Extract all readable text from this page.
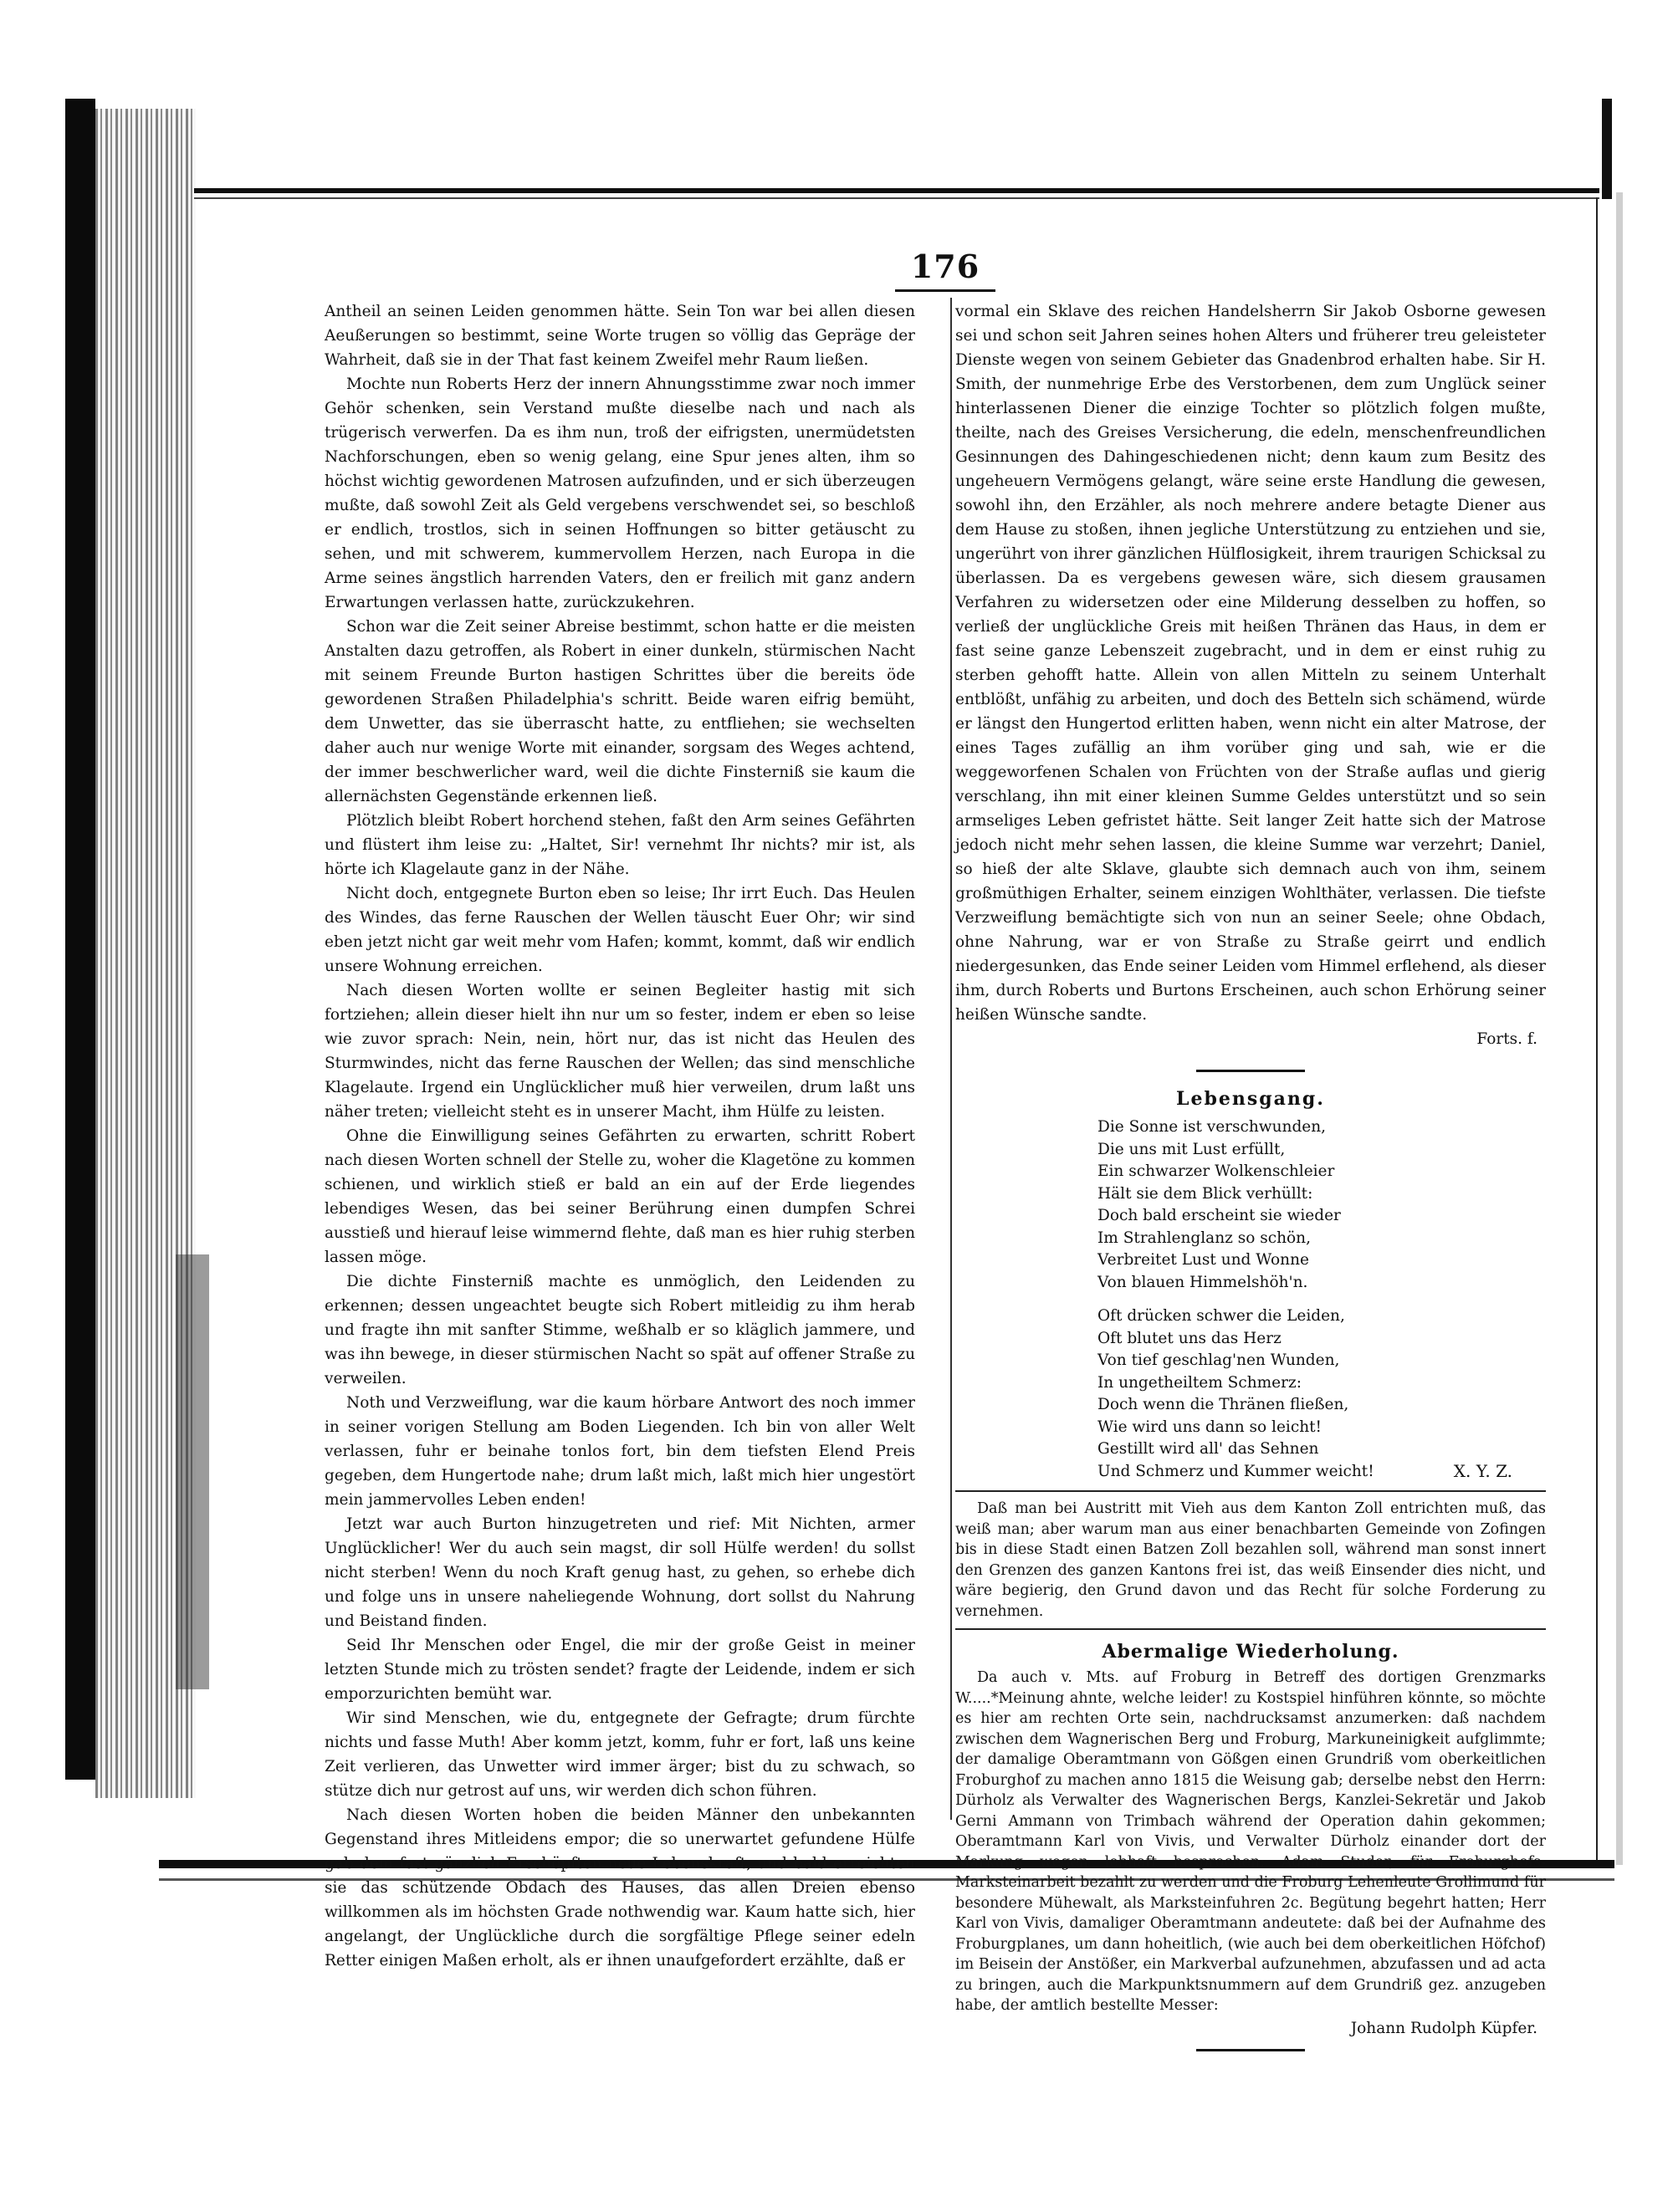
176

Antheil an seinen Leiden genommen hätte. Sein Ton war bei allen diesen Aeußerungen so bestimmt, seine Worte trugen so völlig das Gepräge der Wahrheit, daß sie in der That fast keinem Zweifel mehr Raum ließen.

Mochte nun Roberts Herz der innern Ahnungsstimme zwar noch immer Gehör schenken, sein Verstand mußte dieselbe nach und nach als trügerisch verwerfen. Da es ihm nun, troß der eifrigsten, unermüdetsten Nachforschungen, eben so wenig gelang, eine Spur jenes alten, ihm so höchst wichtig gewordenen Matrosen aufzufinden, und er sich überzeugen mußte, daß sowohl Zeit als Geld vergebens verschwendet sei, so beschloß er endlich, trostlos, sich in seinen Hoffnungen so bitter getäuscht zu sehen, und mit schwerem, kummervollem Herzen, nach Europa in die Arme seines ängstlich harrenden Vaters, den er freilich mit ganz andern Erwartungen verlassen hatte, zurückzukehren.

Schon war die Zeit seiner Abreise bestimmt, schon hatte er die meisten Anstalten dazu getroffen, als Robert in einer dunkeln, stürmischen Nacht mit seinem Freunde Burton hastigen Schrittes über die bereits öde gewordenen Straßen Philadelphia's schritt. Beide waren eifrig bemüht, dem Unwetter, das sie überrascht hatte, zu entfliehen; sie wechselten daher auch nur wenige Worte mit einander, sorgsam des Weges achtend, der immer beschwerlicher ward, weil die dichte Finsterniß sie kaum die allernächsten Gegenstände erkennen ließ.

Plötzlich bleibt Robert horchend stehen, faßt den Arm seines Gefährten und flüstert ihm leise zu: „Haltet, Sir! vernehmt Ihr nichts? mir ist, als hörte ich Klagelaute ganz in der Nähe.

Nicht doch, entgegnete Burton eben so leise; Ihr irrt Euch. Das Heulen des Windes, das ferne Rauschen der Wellen täuscht Euer Ohr; wir sind eben jetzt nicht gar weit mehr vom Hafen; kommt, kommt, daß wir endlich unsere Wohnung erreichen.

Nach diesen Worten wollte er seinen Begleiter hastig mit sich fortziehen; allein dieser hielt ihn nur um so fester, indem er eben so leise wie zuvor sprach: Nein, nein, hört nur, das ist nicht das Heulen des Sturmwindes, nicht das ferne Rauschen der Wellen; das sind menschliche Klagelaute. Irgend ein Unglücklicher muß hier verweilen, drum laßt uns näher treten; vielleicht steht es in unserer Macht, ihm Hülfe zu leisten.

Ohne die Einwilligung seines Gefährten zu erwarten, schritt Robert nach diesen Worten schnell der Stelle zu, woher die Klagetöne zu kommen schienen, und wirklich stieß er bald an ein auf der Erde liegendes lebendiges Wesen, das bei seiner Berührung einen dumpfen Schrei ausstieß und hierauf leise wimmernd flehte, daß man es hier ruhig sterben lassen möge.

Die dichte Finsterniß machte es unmöglich, den Leidenden zu erkennen; dessen ungeachtet beugte sich Robert mitleidig zu ihm herab und fragte ihn mit sanfter Stimme, weßhalb er so kläglich jammere, und was ihn bewege, in dieser stürmischen Nacht so spät auf offener Straße zu verweilen.

Noth und Verzweiflung, war die kaum hörbare Antwort des noch immer in seiner vorigen Stellung am Boden Liegenden. Ich bin von aller Welt verlassen, fuhr er beinahe tonlos fort, bin dem tiefsten Elend Preis gegeben, dem Hungertode nahe; drum laßt mich, laßt mich hier ungestört mein jammervolles Leben enden!

Jetzt war auch Burton hinzugetreten und rief: Mit Nichten, armer Unglücklicher! Wer du auch sein magst, dir soll Hülfe werden! du sollst nicht sterben! Wenn du noch Kraft genug hast, zu gehen, so erhebe dich und folge uns in unsere naheliegende Wohnung, dort sollst du Nahrung und Beistand finden.

Seid Ihr Menschen oder Engel, die mir der große Geist in meiner letzten Stunde mich zu trösten sendet? fragte der Leidende, indem er sich emporzurichten bemüht war.

Wir sind Menschen, wie du, entgegnete der Gefragte; drum fürchte nichts und fasse Muth! Aber komm jetzt, komm, fuhr er fort, laß uns keine Zeit verlieren, das Unwetter wird immer ärger; bist du zu schwach, so stütze dich nur getrost auf uns, wir werden dich schon führen.

Nach diesen Worten hoben die beiden Männer den unbekannten Gegenstand ihres Mitleidens empor; die so unerwartet gefundene Hülfe gab dem fast gänzlich Erschöpften neue Lebenskraft, und bald erreichten sie das schützende Obdach des Hauses, das allen Dreien ebenso willkommen als im höchsten Grade nothwendig war. Kaum hatte sich, hier angelangt, der Unglückliche durch die sorgfältige Pflege seiner edeln Retter einigen Maßen erholt, als er ihnen unaufgefordert erzählte, daß er

vormal ein Sklave des reichen Handelsherrn Sir Jakob Osborne gewesen sei und schon seit Jahren seines hohen Alters und früherer treu geleisteter Dienste wegen von seinem Gebieter das Gnadenbrod erhalten habe. Sir H. Smith, der nunmehrige Erbe des Verstorbenen, dem zum Unglück seiner hinterlassenen Diener die einzige Tochter so plötzlich folgen mußte, theilte, nach des Greises Versicherung, die edeln, menschenfreundlichen Gesinnungen des Dahingeschiedenen nicht; denn kaum zum Besitz des ungeheuern Vermögens gelangt, wäre seine erste Handlung die gewesen, sowohl ihn, den Erzähler, als noch mehrere andere betagte Diener aus dem Hause zu stoßen, ihnen jegliche Unterstützung zu entziehen und sie, ungerührt von ihrer gänzlichen Hülflosigkeit, ihrem traurigen Schicksal zu überlassen. Da es vergebens gewesen wäre, sich diesem grausamen Verfahren zu widersetzen oder eine Milderung desselben zu hoffen, so verließ der unglückliche Greis mit heißen Thränen das Haus, in dem er fast seine ganze Lebenszeit zugebracht, und in dem er einst ruhig zu sterben gehofft hatte. Allein von allen Mitteln zu seinem Unterhalt entblößt, unfähig zu arbeiten, und doch des Betteln sich schämend, würde er längst den Hungertod erlitten haben, wenn nicht ein alter Matrose, der eines Tages zufällig an ihm vorüber ging und sah, wie er die weggeworfenen Schalen von Früchten von der Straße auflas und gierig verschlang, ihn mit einer kleinen Summe Geldes unterstützt und so sein armseliges Leben gefristet hätte. Seit langer Zeit hatte sich der Matrose jedoch nicht mehr sehen lassen, die kleine Summe war verzehrt; Daniel, so hieß der alte Sklave, glaubte sich demnach auch von ihm, seinem großmüthigen Erhalter, seinem einzigen Wohlthäter, verlassen. Die tiefste Verzweiflung bemächtigte sich von nun an seiner Seele; ohne Obdach, ohne Nahrung, war er von Straße zu Straße geirrt und endlich niedergesunken, das Ende seiner Leiden vom Himmel erflehend, als dieser ihm, durch Roberts und Burtons Erscheinen, auch schon Erhörung seiner heißen Wünsche sandte.

Forts. f.
Lebensgang.
Die Sonne ist verschwunden,
Die uns mit Lust erfüllt,
Ein schwarzer Wolkenschleier
Hält sie dem Blick verhüllt:
Doch bald erscheint sie wieder
Im Strahlenglanz so schön,
Verbreitet Lust und Wonne
Von blauen Himmelshöh'n.
Oft drücken schwer die Leiden,
Oft blutet uns das Herz
Von tief geschlag'nen Wunden,
In ungetheiltem Schmerz:
Doch wenn die Thränen fließen,
Wie wird uns dann so leicht!
Gestillt wird all' das Sehnen
Und Schmerz und Kummer weicht!	X. Y. Z.

Daß man bei Austritt mit Vieh aus dem Kanton Zoll entrichten muß, das weiß man; aber warum man aus einer benachbarten Gemeinde von Zofingen bis in diese Stadt einen Batzen Zoll bezahlen soll, während man sonst innert den Grenzen des ganzen Kantons frei ist, das weiß Einsender dies nicht, und wäre begierig, den Grund davon und das Recht für solche Forderung zu vernehmen.

Abermalige Wiederholung.

Da auch v. Mts. auf Froburg in Betreff des dortigen Grenzmarks W.....*Meinung ahnte, welche leider! zu Kostspiel hinführen könnte, so möchte es hier am rechten Orte sein, nachdrucksamst anzumerken: daß nachdem zwischen dem Wagnerischen Berg und Froburg, Markuneinigkeit aufglimmte; der damalige Oberamtmann von Gößgen einen Grundriß vom oberkeitlichen Froburghof zu machen anno 1815 die Weisung gab; derselbe nebst den Herrn: Dürholz als Verwalter des Wagnerischen Bergs, Kanzlei-Sekretär und Jakob Gerni Ammann von Trimbach während der Operation dahin gekommen; Oberamtmann Karl von Vivis, und Verwalter Dürholz einander dort der Markung wegen lebhaft besprochen: Adam Studer, für Froburghofs-Marksteinarbeit bezahlt zu werden und die Froburg Lehenleute Grollimund für besondere Mühewalt, als Marksteinfuhren 2c. Begütung begehrt hatten; Herr Karl von Vivis, damaliger Oberamtmann andeutete: daß bei der Aufnahme des Froburgplanes, um dann hoheitlich, (wie auch bei dem oberkeitlichen Höfchof) im Beisein der Anstößer, ein Markverbal aufzunehmen, abzufassen und ad acta zu bringen, auch die Markpunktsnummern auf dem Grundriß gez. anzugeben habe, der amtlich bestellte Messer:

Johann Rudolph Küpfer.
